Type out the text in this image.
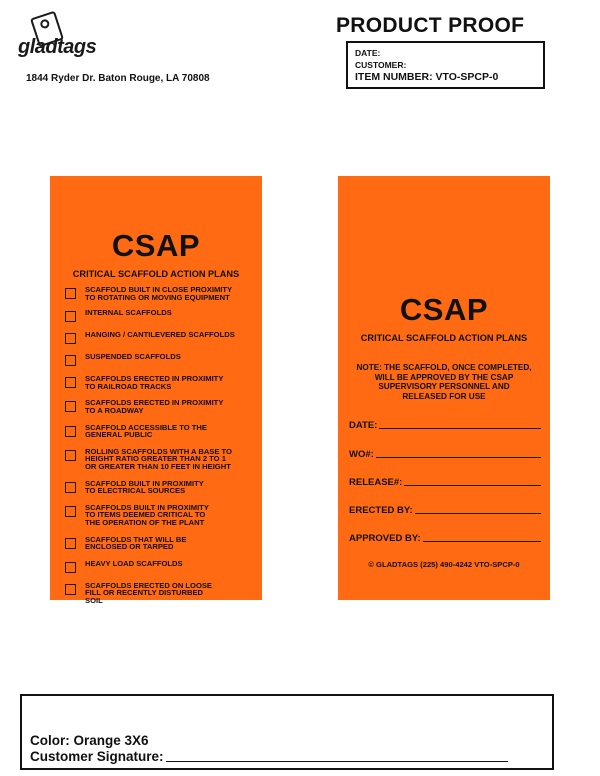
gladtags
1844 Ryder Dr. Baton Rouge, LA 70808
PRODUCT PROOF
DATE:
CUSTOMER:
ITEM NUMBER: VTO-SPCP-0
CSAP
CRITICAL SCAFFOLD ACTION PLANS
SCAFFOLD BUILT IN CLOSE PROXIMITY
TO ROTATING OR MOVING EQUIPMENT
INTERNAL SCAFFOLDS
HANGING / CANTILEVERED SCAFFOLDS
SUSPENDED SCAFFOLDS
SCAFFOLDS ERECTED IN PROXIMITY
TO RAILROAD TRACKS
SCAFFOLDS ERECTED IN PROXIMITY
TO A ROADWAY
SCAFFOLD ACCESSIBLE TO THE
GENERAL PUBLIC
ROLLING SCAFFOLDS WITH A BASE TO
HEIGHT RATIO GREATER THAN 2 TO 1
OR GREATER THAN 10 FEET IN HEIGHT
SCAFFOLD BUILT IN PROXIMITY
TO ELECTRICAL SOURCES
SCAFFOLDS BUILT IN PROXIMITY
TO ITEMS DEEMED CRITICAL TO
THE OPERATION OF THE PLANT
SCAFFOLDS THAT WILL BE
ENCLOSED OR TARPED
HEAVY LOAD SCAFFOLDS
SCAFFOLDS ERECTED ON LOOSE
FILL OR RECENTLY DISTURBED
SOIL
CSAP
CRITICAL SCAFFOLD ACTION PLANS
NOTE: THE SCAFFOLD, ONCE COMPLETED,
WILL BE APPROVED BY THE CSAP
SUPERVISORY PERSONNEL AND
RELEASED FOR USE
DATE:
WO#:
RELEASE#:
ERECTED BY:
APPROVED BY:
© GLADTAGS (225) 490-4242 VTO-SPCP-0
Color: Orange 3X6
Customer Signature:
